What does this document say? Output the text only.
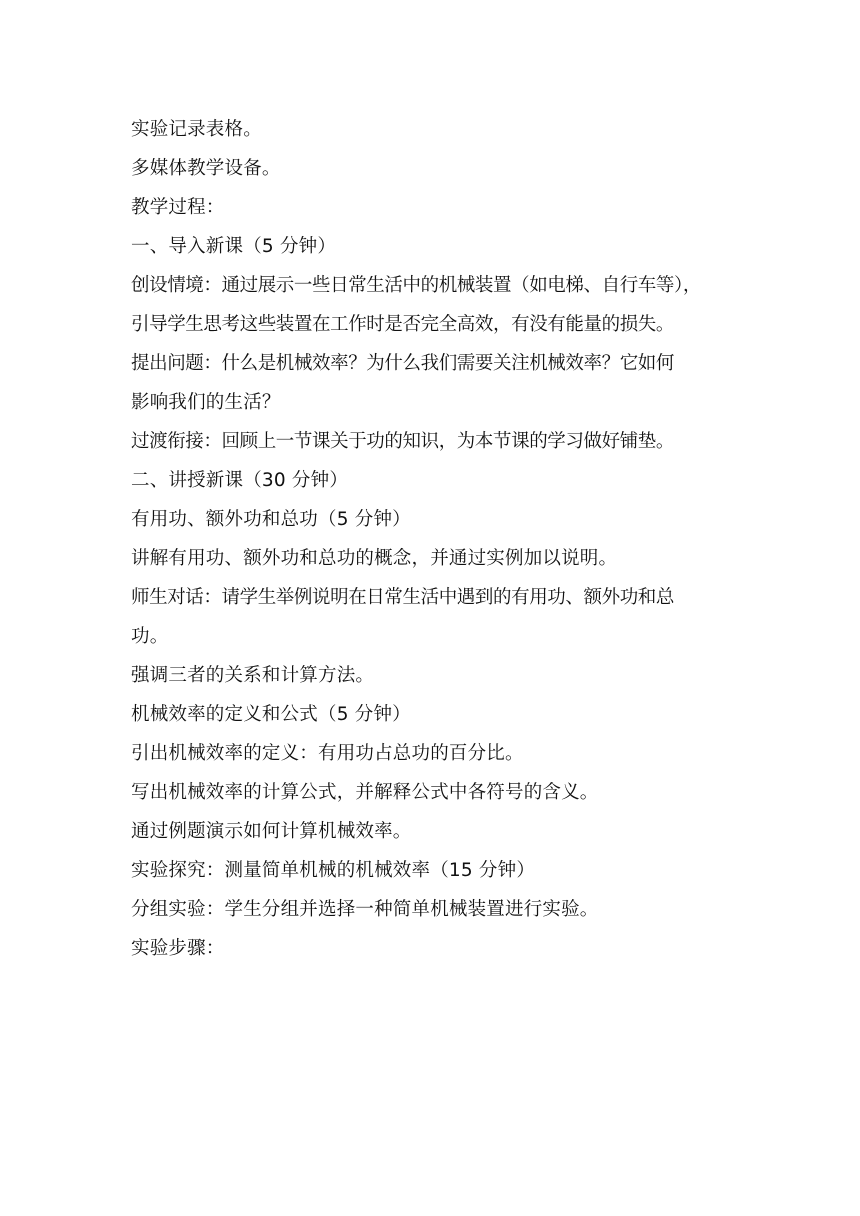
实验记录表格。
多媒体教学设备。
教学过程：
一、导入新课（5 分钟）
创设情境：通过展示一些日常生活中的机械装置（如电梯、自行车等），
引导学生思考这些装置在工作时是否完全高效，有没有能量的损失。
提出问题：什么是机械效率？为什么我们需要关注机械效率？它如何
影响我们的生活？
过渡衔接：回顾上一节课关于功的知识，为本节课的学习做好铺垫。
二、讲授新课（30 分钟）
有用功、额外功和总功（5 分钟）
讲解有用功、额外功和总功的概念，并通过实例加以说明。
师生对话：请学生举例说明在日常生活中遇到的有用功、额外功和总
功。
强调三者的关系和计算方法。
机械效率的定义和公式（5 分钟）
引出机械效率的定义：有用功占总功的百分比。
写出机械效率的计算公式，并解释公式中各符号的含义。
通过例题演示如何计算机械效率。
实验探究：测量简单机械的机械效率（15 分钟）
分组实验：学生分组并选择一种简单机械装置进行实验。
实验步骤：
